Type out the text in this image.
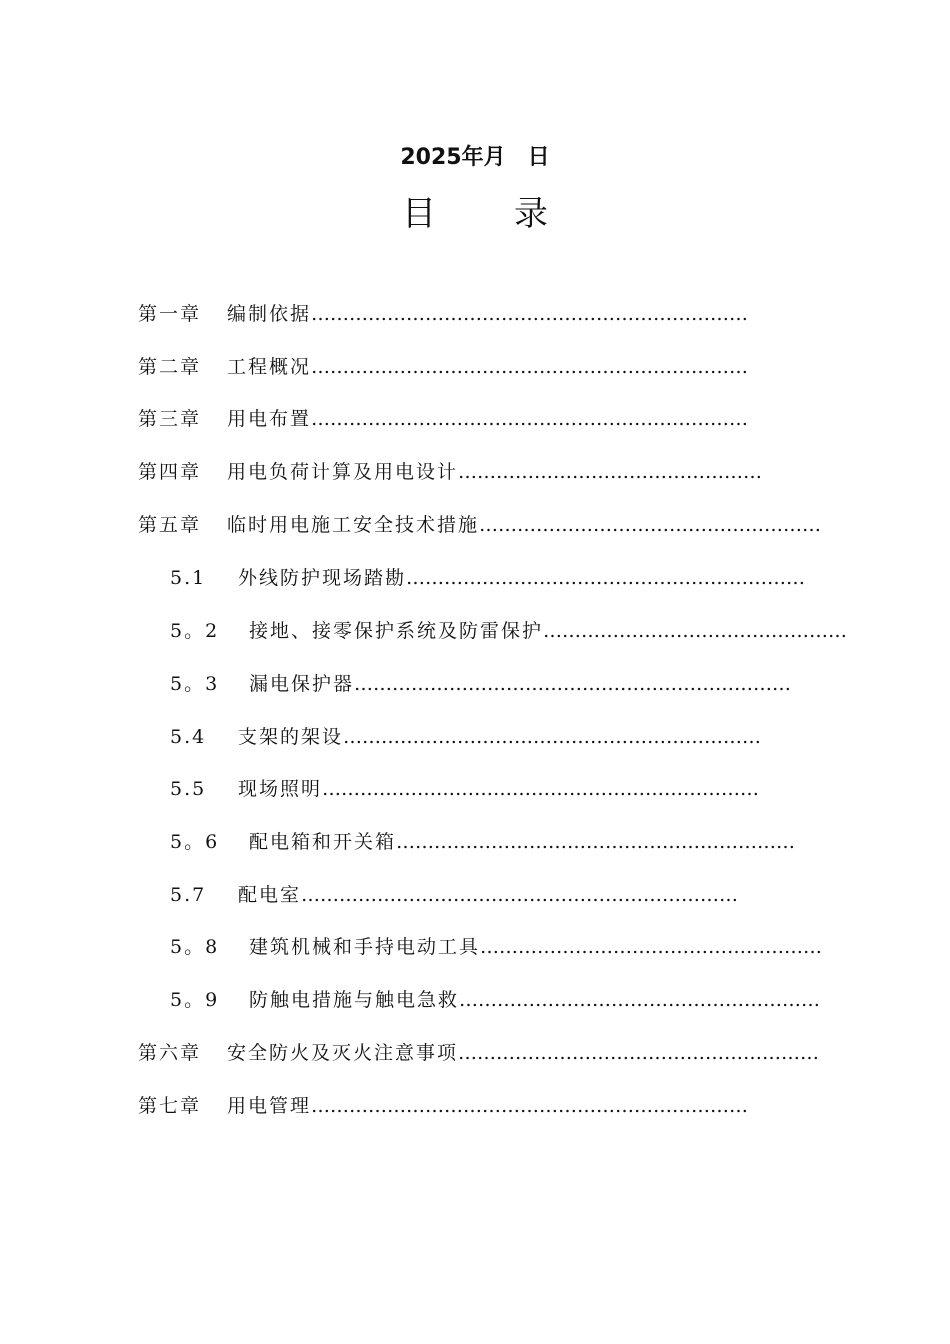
2025年月　日
目 录
第一章 编制依据……………………………………………………………
第二章 工程概况……………………………………………………………
第三章 用电布置……………………………………………………………
第四章 用电负荷计算及用电设计…………………………………………
第五章 临时用电施工安全技术措施………………………………………………
5.1 外线防护现场踏勘………………………………………………………
5。2 接地、接零保护系统及防雷保护…………………………………………
5。3 漏电保护器……………………………………………………………
5.4 支架的架设…………………………………………………………
5.5 现场照明……………………………………………………………
5。6 配电箱和开关箱………………………………………………………
5.7 配电室……………………………………………………………
5。8 建筑机械和手持电动工具………………………………………………
5。9 防触电措施与触电急救…………………………………………………
第六章 安全防火及灭火注意事项…………………………………………………
第七章 用电管理……………………………………………………………
